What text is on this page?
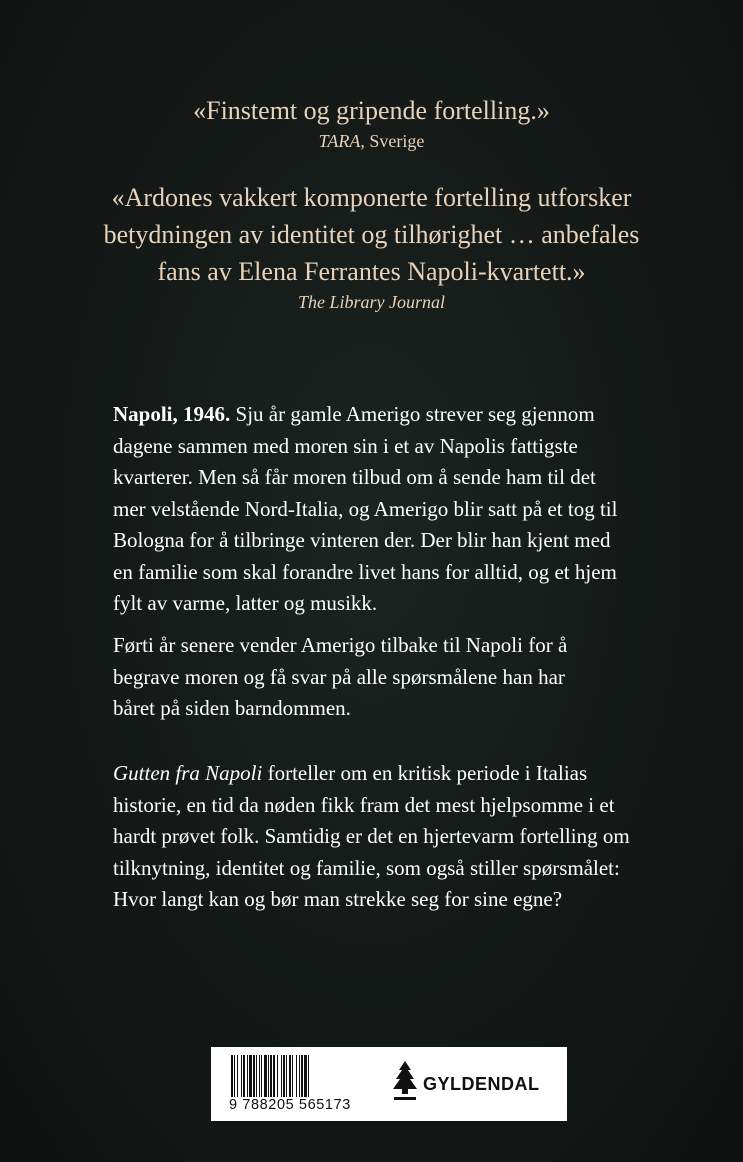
«Finstemt og gripende fortelling.»
TARA, Sverige
«Ardones vakkert komponerte fortelling utforsker
betydningen av identitet og tilhørighet … anbefales
fans av Elena Ferrantes Napoli-kvartett.»
The Library Journal
Napoli, 1946. Sju år gamle Amerigo strever seg gjennom
dagene sammen med moren sin i et av Napolis fattigste
kvarterer. Men så får moren tilbud om å sende ham til det
mer velstående Nord-Italia, og Amerigo blir satt på et tog til
Bologna for å tilbringe vinteren der. Der blir han kjent med
en familie som skal forandre livet hans for alltid, og et hjem
fylt av varme, latter og musikk.
Førti år senere vender Amerigo tilbake til Napoli for å
begrave moren og få svar på alle spørsmålene han har
båret på siden barndommen.
Gutten fra Napoli forteller om en kritisk periode i Italias
historie, en tid da nøden fikk fram det mest hjelpsomme i et
hardt prøvet folk. Samtidig er det en hjertevarm fortelling om
tilknytning, identitet og familie, som også stiller spørsmålet:
Hvor langt kan og bør man strekke seg for sine egne?
9 788205 565173
GYLDENDAL
